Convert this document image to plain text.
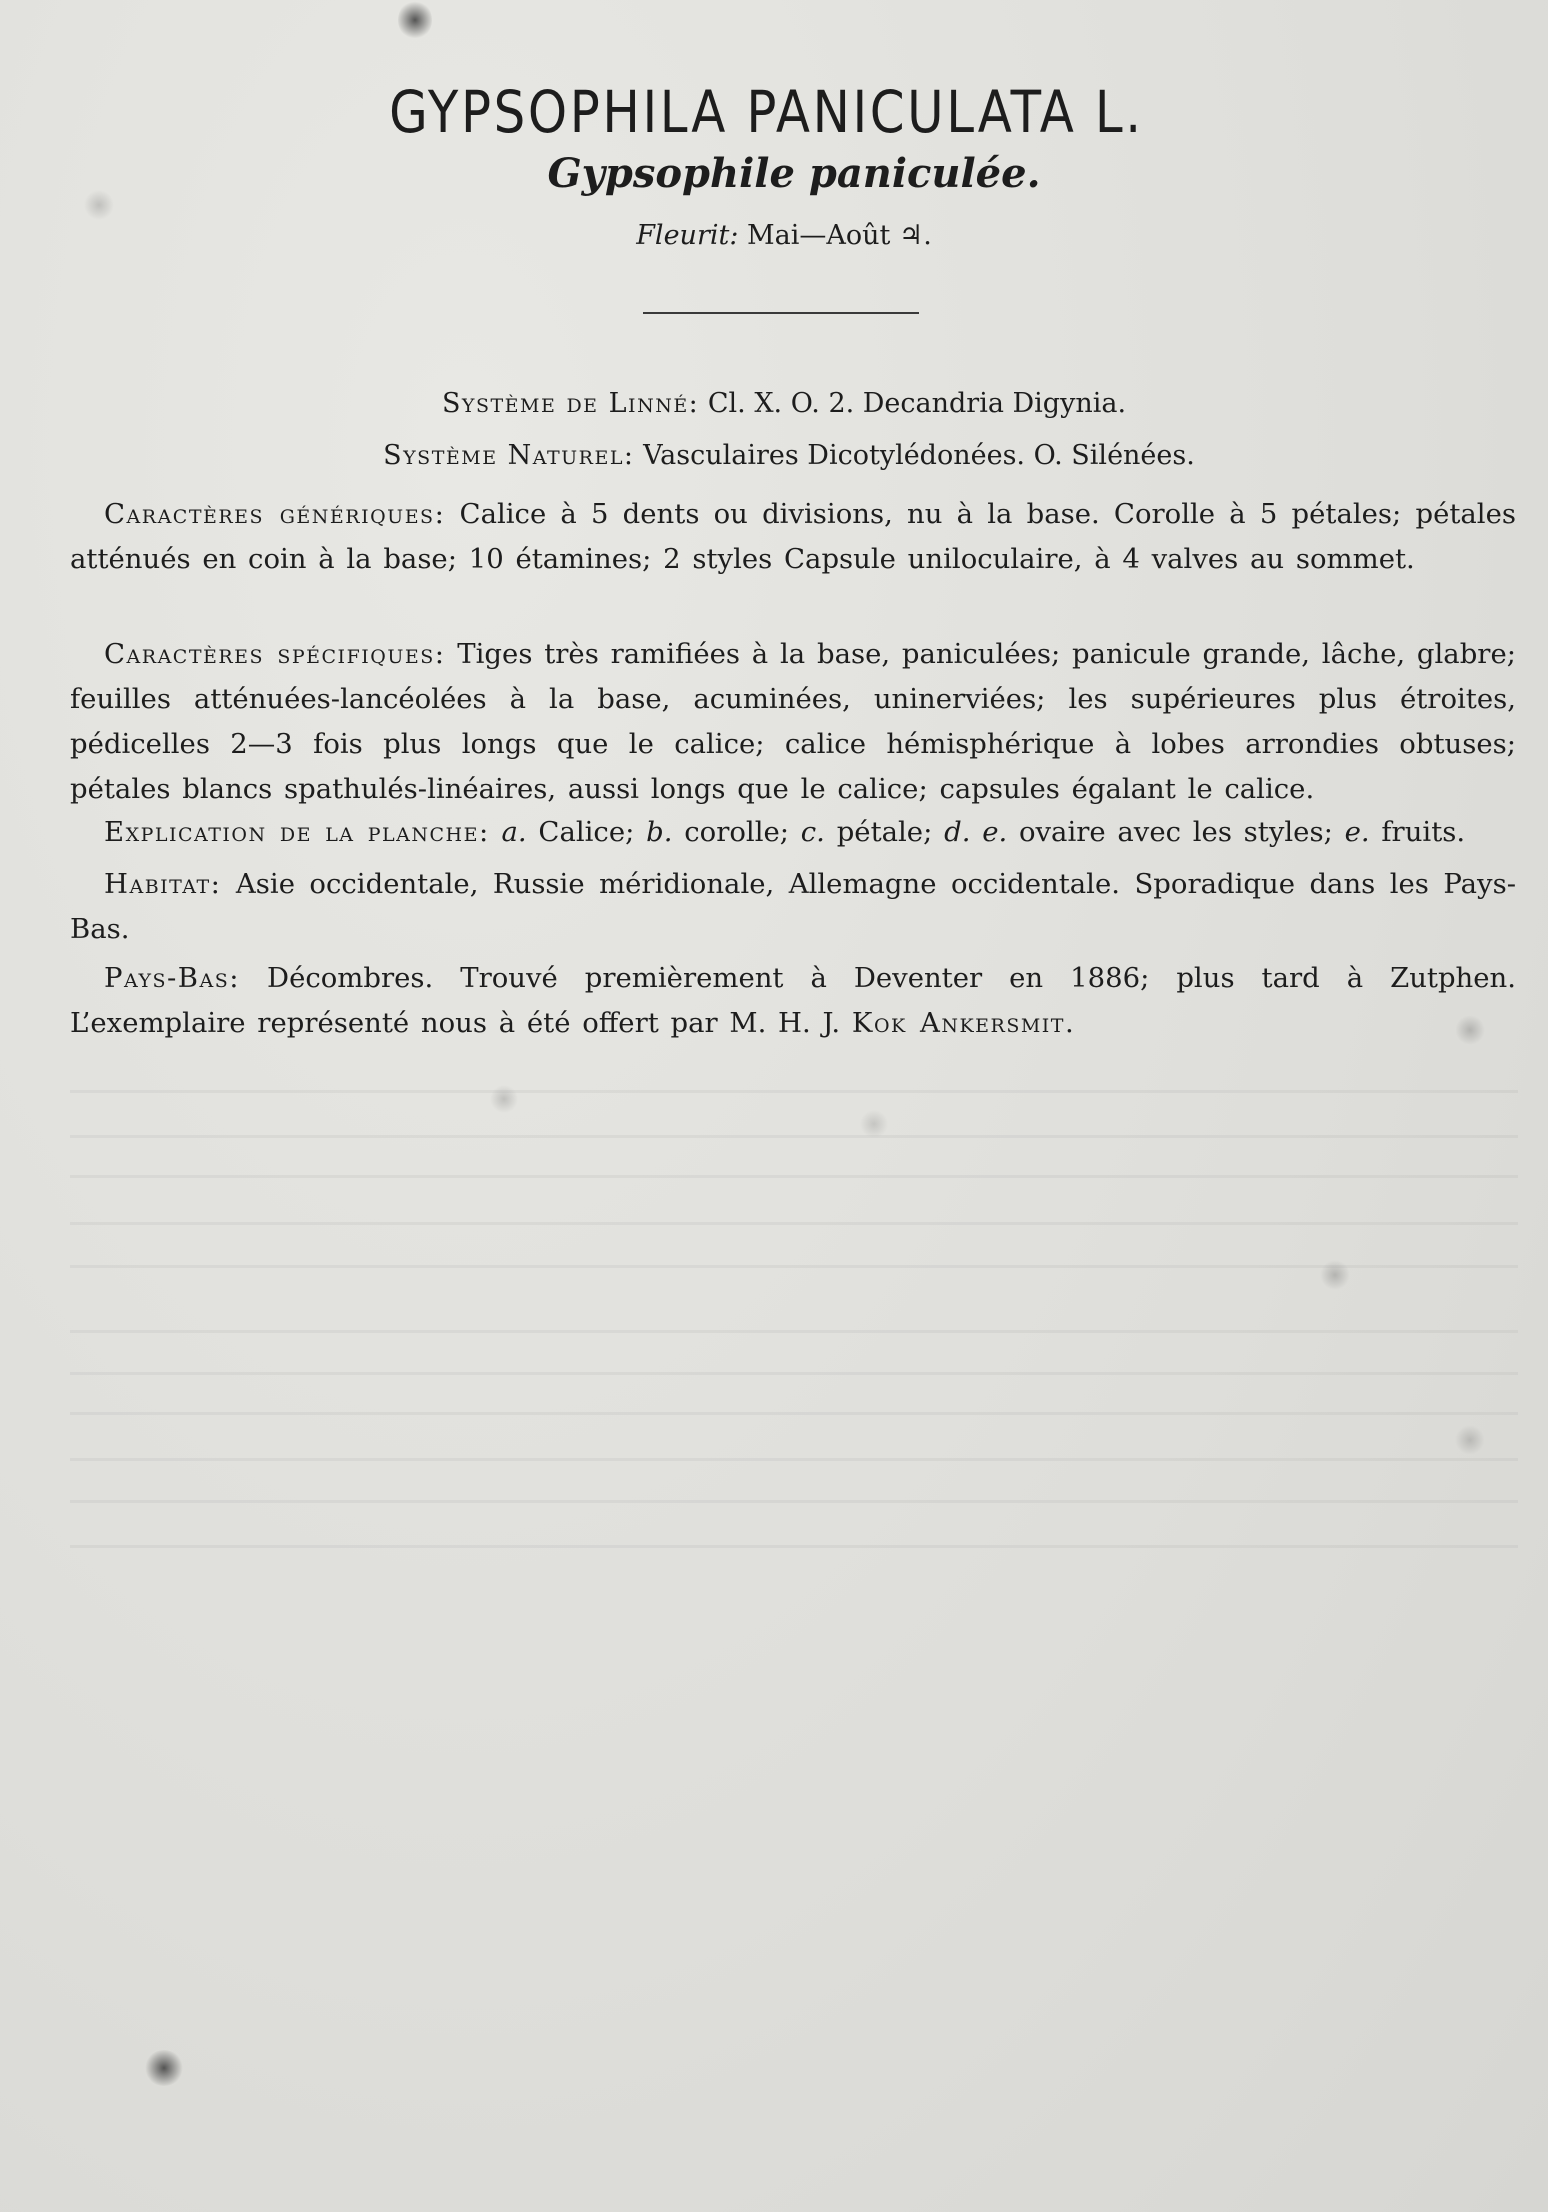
GYPSOPHILA PANICULATA L.
Gypsophile paniculée.
Fleurit: Mai—Août ♃.
Système de Linné: Cl. X. O. 2. Decandria Digynia.
Système Naturel: Vasculaires Dicotylédonées. O. Silénées.
Caractères génériques: Calice à 5 dents ou divisions, nu à la base. Corolle à 5 pétales; pétales atténués en coin à la base; 10 étamines; 2 styles Capsule uniloculaire, à 4 valves au sommet.
Caractères spécifiques: Tiges très ramifiées à la base, paniculées; panicule grande, lâche, glabre; feuilles atténuées-lancéolées à la base, acuminées, uninerviées; les supérieures plus étroites, pédicelles 2—3 fois plus longs que le calice; calice hémisphérique à lobes arrondies obtuses; pétales blancs spathulés-linéaires, aussi longs que le calice; capsules égalant le calice.
Explication de la planche: a. Calice; b. corolle; c. pétale; d. e. ovaire avec les styles; e. fruits.
Habitat: Asie occidentale, Russie méridionale, Allemagne occidentale. Sporadique dans les Pays-Bas.
Pays-Bas: Décombres. Trouvé premièrement à Deventer en 1886; plus tard à Zutphen. L’exemplaire représenté nous à été offert par M. H. J. Kok Ankersmit.
